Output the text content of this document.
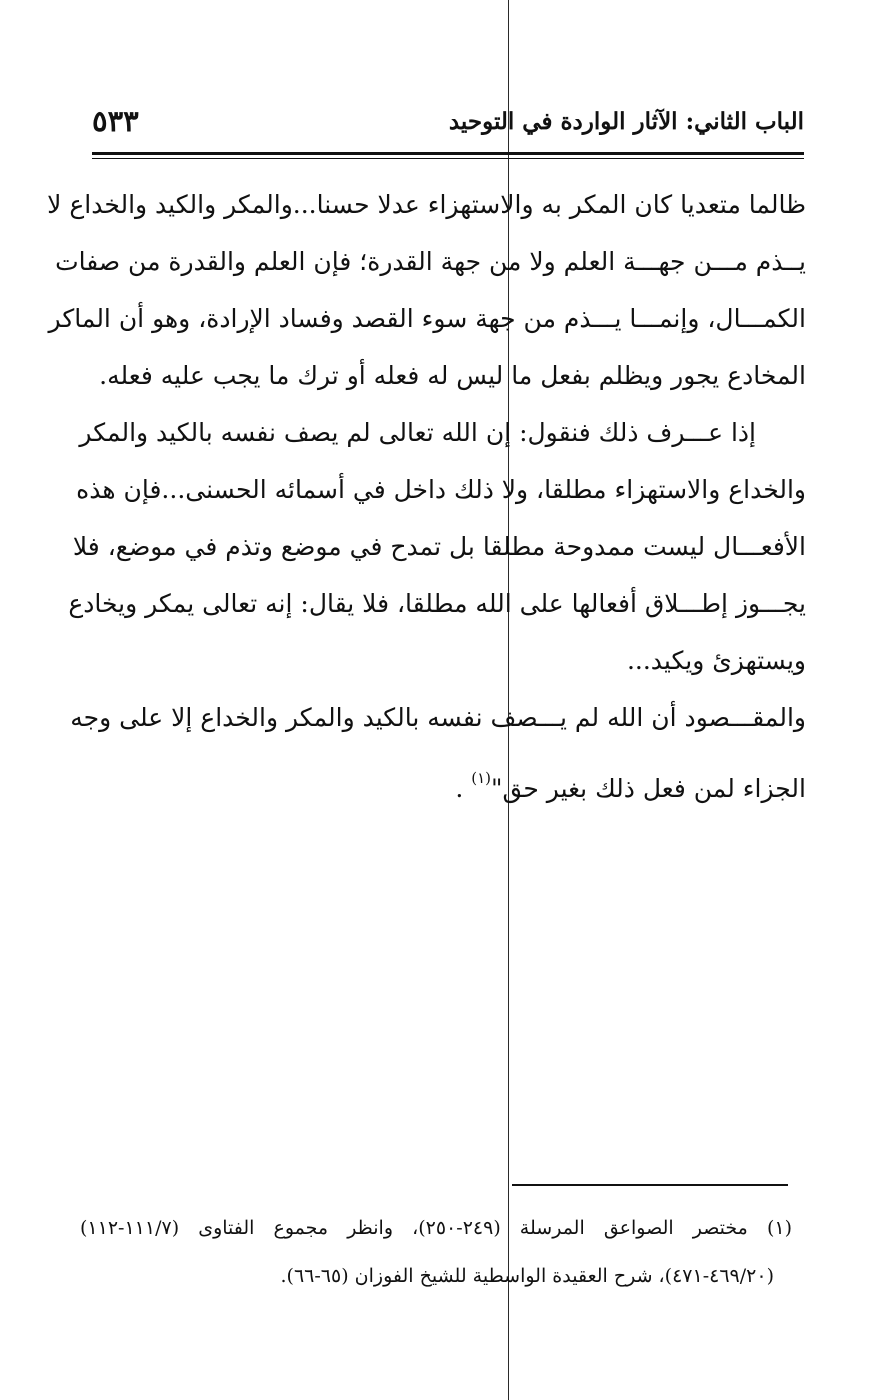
الباب الثاني: الآثار الواردة في التوحيد
٥٣٣
ظالما متعديا كان المكر به والاستهزاء عدلا حسنا...والمكر والكيد والخداع لا
يــذم مـــن جهـــة العلم ولا من جهة القدرة؛ فإن العلم والقدرة من صفات
الكمـــال، وإنمـــا يـــذم من جهة سوء القصد وفساد الإرادة، وهو أن الماكر
المخادع يجور ويظلم بفعل ما ليس له فعله أو ترك ما يجب عليه فعله.
إذا عـــرف ذلك فنقول: إن الله تعالى لم يصف نفسه بالكيد والمكر
والخداع والاستهزاء مطلقا، ولا ذلك داخل في أسمائه الحسنى...فإن هذه
الأفعـــال ليست ممدوحة مطلقا بل تمدح في موضع وتذم في موضع، فلا
يجـــوز إطـــلاق أفعالها على الله مطلقا، فلا يقال: إنه تعالى يمكر ويخادع
ويستهزئ ويكيد...
والمقـــصود أن الله لم يـــصف نفسه بالكيد والمكر والخداع إلا على وجه
الجزاء لمن فعل ذلك بغير حق"$^{(١)}$ .
(١) مختصر الصواعق المرسلة (٢٤٩-٢٥٠)، وانظر مجموع الفتاوى (١١١/٧-١١٢)
(٤٦٩/٢٠-٤٧١)، شرح العقيدة الواسطية للشيخ الفوزان (٦٥-٦٦).
